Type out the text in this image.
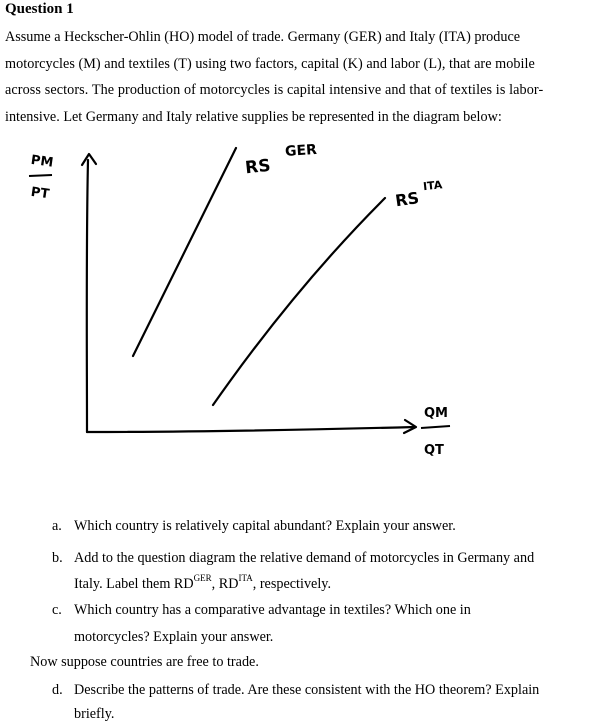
Question 1
Assume a Heckscher-Ohlin (HO) model of trade. Germany (GER) and Italy (ITA) produce
motorcycles (M) and textiles (T) using two factors, capital (K) and labor (L), that are mobile
across sectors. The production of motorcycles is capital intensive and that of textiles is labor-
intensive. Let Germany and Italy relative supplies be represented in the diagram below:
PM
PT
RS
GER
RS
ITA
QM
QT
a. Which country is relatively capital abundant? Explain your answer.
b. Add to the question diagram the relative demand of motorcycles in Germany and
Italy. Label them $RD^{GER}$, $RD^{ITA}$, respectively.
c. Which country has a comparative advantage in textiles? Which one in
motorcycles? Explain your answer.
Now suppose countries are free to trade.
d. Describe the patterns of trade. Are these consistent with the HO theorem? Explain
briefly.
